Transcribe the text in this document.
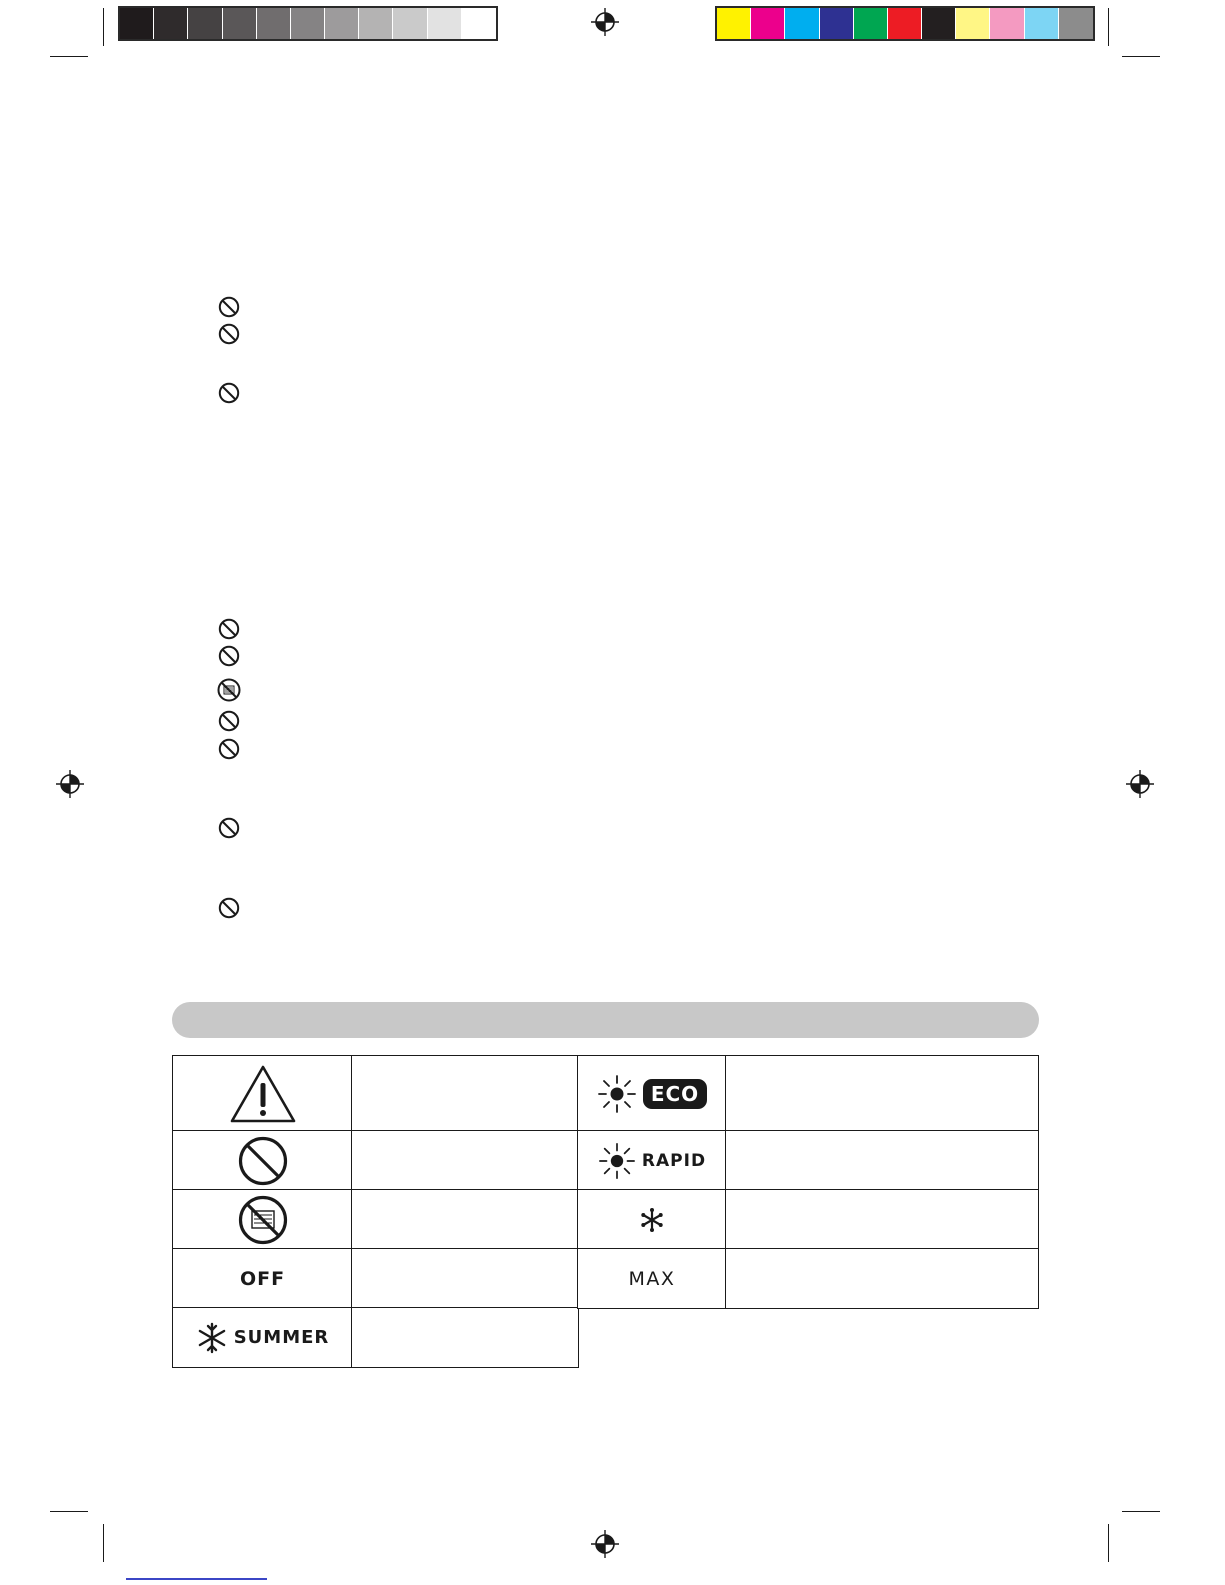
OFF
SUMMER
ECO
RAPID
MAX
